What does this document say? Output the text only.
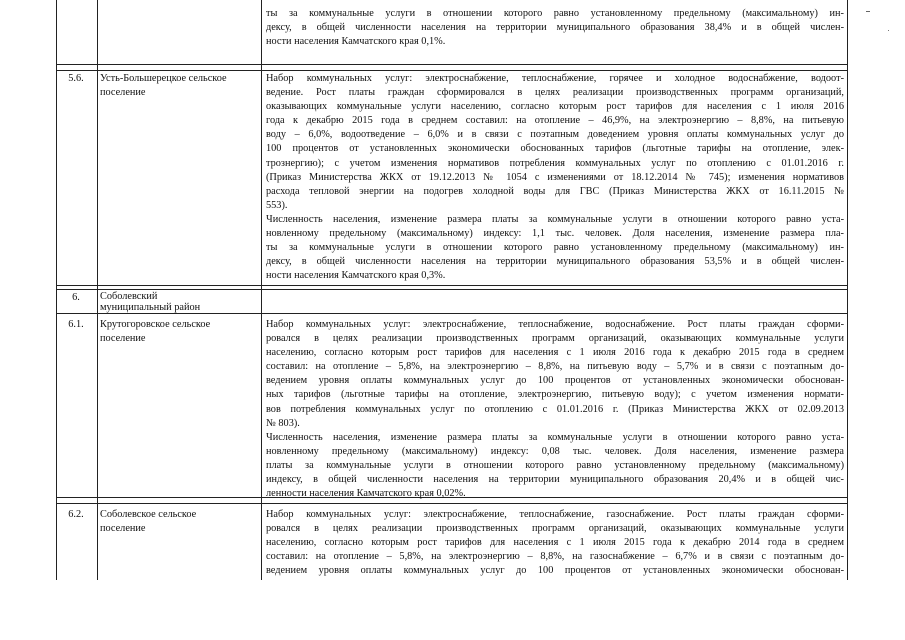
ты за коммунальные услуги в отношении которого равно установленному предельному (максимальному) ин-
дексу, в общей численности населения на территории муниципального образования 38,4% и в общей числен-
ности населения Камчатского края 0,1%.
5.6.	Усть-Большерецкое сельское
поселение
Набор коммунальных услуг: электроснабжение, теплоснабжение, горячее и холодное водоснабжение, водоот-
ведение. Рост платы граждан сформировался в целях реализации производственных программ организаций,
оказывающих коммунальные услуги населению, согласно которым рост тарифов для населения с 1 июля 2016
года к декабрю 2015 года в среднем составил: на отопление – 46,9%, на электроэнергию – 8,8%, на питьевую
воду – 6,0%, водоотведение – 6,0% и в связи с поэтапным доведением уровня оплаты коммунальных услуг до
100 процентов от установленных экономически обоснованных тарифов (льготные тарифы на отопление, элек-
трознергию); с учетом изменения нормативов потребления коммунальных услуг по отоплению с 01.01.2016 г.
(Приказ Министерства ЖКХ от 19.12.2013 № 1054 с изменениями от 18.12.2014 № 745); изменения нормативов
расхода тепловой энергии на подогрев холодной воды для ГВС (Приказ Министерства ЖКХ от 16.11.2015 №
553).
Численность населения, изменение размера платы за коммунальные услуги в отношении которого равно уста-
новленному предельному (максимальному) индексу: 1,1 тыс. человек. Доля населения, изменение размера пла-
ты за коммунальные услуги в отношении которого равно установленному предельному (максимальному) ин-
дексу, в общей численности населения на территории муниципального образования 53,5% и в общей числен-
ности населения Камчатского края 0,3%.
6.	Соболевский
муниципальный район
6.1.	Крутогоровское сельское
поселение
Набор коммунальных услуг: электроснабжение, теплоснабжение, водоснабжение. Рост платы граждан сформи-
ровался в целях реализации производственных программ организаций, оказывающих коммунальные услуги
населению, согласно которым рост тарифов для населения с 1 июля 2016 года к декабрю 2015 года в среднем
составил: на отопление – 5,8%, на электроэнергию – 8,8%, на питьевую воду – 5,7% и в связи с поэтапным до-
ведением уровня оплаты коммунальных услуг до 100 процентов от установленных экономически обоснован-
ных тарифов (льготные тарифы на отопление, электроэнергию, питьевую воду); с учетом изменения нормати-
вов потребления коммунальных услуг по отоплению с 01.01.2016 г. (Приказ Министерства ЖКХ от 02.09.2013
№ 803).
Численность населения, изменение размера платы за коммунальные услуги в отношении которого равно уста-
новленному предельному (максимальному) индексу: 0,08 тыс. человек. Доля населения, изменение размера
платы за коммунальные услуги в отношении которого равно установленному предельному (максимальному)
индексу, в общей численности населения на территории муниципального образования 20,4% и в общей чис-
ленности населения Камчатского края 0,02%.
6.2.	Соболевское сельское
поселение
Набор коммунальных услуг: электроснабжение, теплоснабжение, газоснабжение. Рост платы граждан сформи-
ровался в целях реализации производственных программ организаций, оказывающих коммунальные услуги
населению, согласно которым рост тарифов для населения с 1 июля 2015 года к декабрю 2014 года в среднем
составил: на отопление – 5,8%, на электроэнергию – 8,8%, на газоснабжение – 6,7% и в связи с поэтапным до-
ведением уровня оплаты коммунальных услуг до 100 процентов от установленных экономически обоснован-
